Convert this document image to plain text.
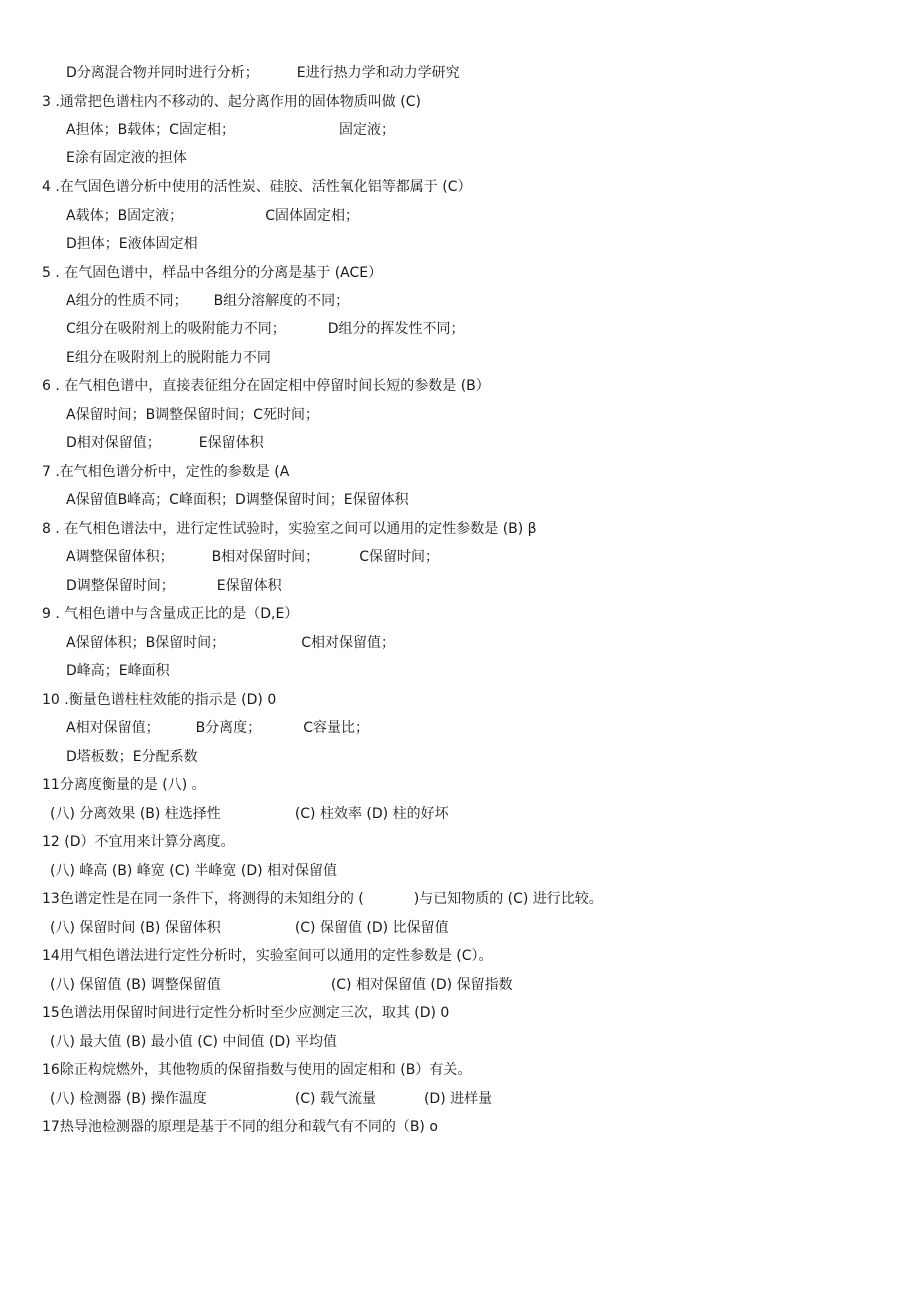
D分离混合物并同时进行分析；	E进行热力学和动力学研究
3 .通常把色谱柱内不移动的、起分离作用的固体物质叫做 (C)
A担体；B载体；C固定相；	固定液；
E涂有固定液的担体
4 .在气固色谱分析中使用的活性炭、硅胶、活性氧化铝等都属于 (C）
A载体；B固定液；	C固体固定相；
D担体；E液体固定相
5 . 在气固色谱中，样品中各组分的分离是基于 (ACE）
A组分的性质不同； B组分溶解度的不同；
C组分在吸附剂上的吸附能力不同；	D组分的挥发性不同；
E组分在吸附剂上的脱附能力不同
6 . 在气相色谱中，直接表征组分在固定相中停留时间长短的参数是 (B）
A保留时间；B调整保留时间；C死时间；
D相对保留值；	E保留体积
7 .在气相色谱分析中，定性的参数是 (A
A保留值B峰高；C峰面积；D调整保留时间；E保留体积
8 . 在气相色谱法中，进行定性试验时，实验室之间可以通用的定性参数是 (B) β
A调整保留体积；	B相对保留时间；	C保留时间；
D调整保留时间；	E保留体积
9 . 气相色谱中与含量成正比的是（D,E）
A保留体积；B保留时间；	C相对保留值；
D峰高；E峰面积
10 .衡量色谱柱柱效能的指示是 (D) 0
A相对保留值；	B分离度；	C容量比；
D塔板数；E分配系数
11分离度衡量的是 (八) 。
(八) 分离效果 (B) 柱选择性	(C) 柱效率 (D) 柱的好坏
12 (D）不宜用来计算分离度。
(八) 峰高 (B) 峰宽 (C) 半峰宽 (D) 相对保留值
13色谱定性是在同一条件下，将测得的未知组分的 (	)与已知物质的 (C) 进行比较。
(八) 保留时间 (B) 保留体积	(C) 保留值 (D) 比保留值
14用气相色谱法进行定性分析时，实验室间可以通用的定性参数是 (C）。
(八) 保留值 (B) 调整保留值	(C) 相对保留值 (D) 保留指数
15色谱法用保留时间进行定性分析时至少应测定三次，取其 (D) 0
(八) 最大值 (B) 最小值 (C) 中间值 (D) 平均值
16除正构烷燃外，其他物质的保留指数与使用的固定相和 (B）有关。
(八) 检测器 (B) 操作温度	(C) 载气流量	(D) 进样量
17热导池检测器的原理是基于不同的组分和载气有不同的（B) o
